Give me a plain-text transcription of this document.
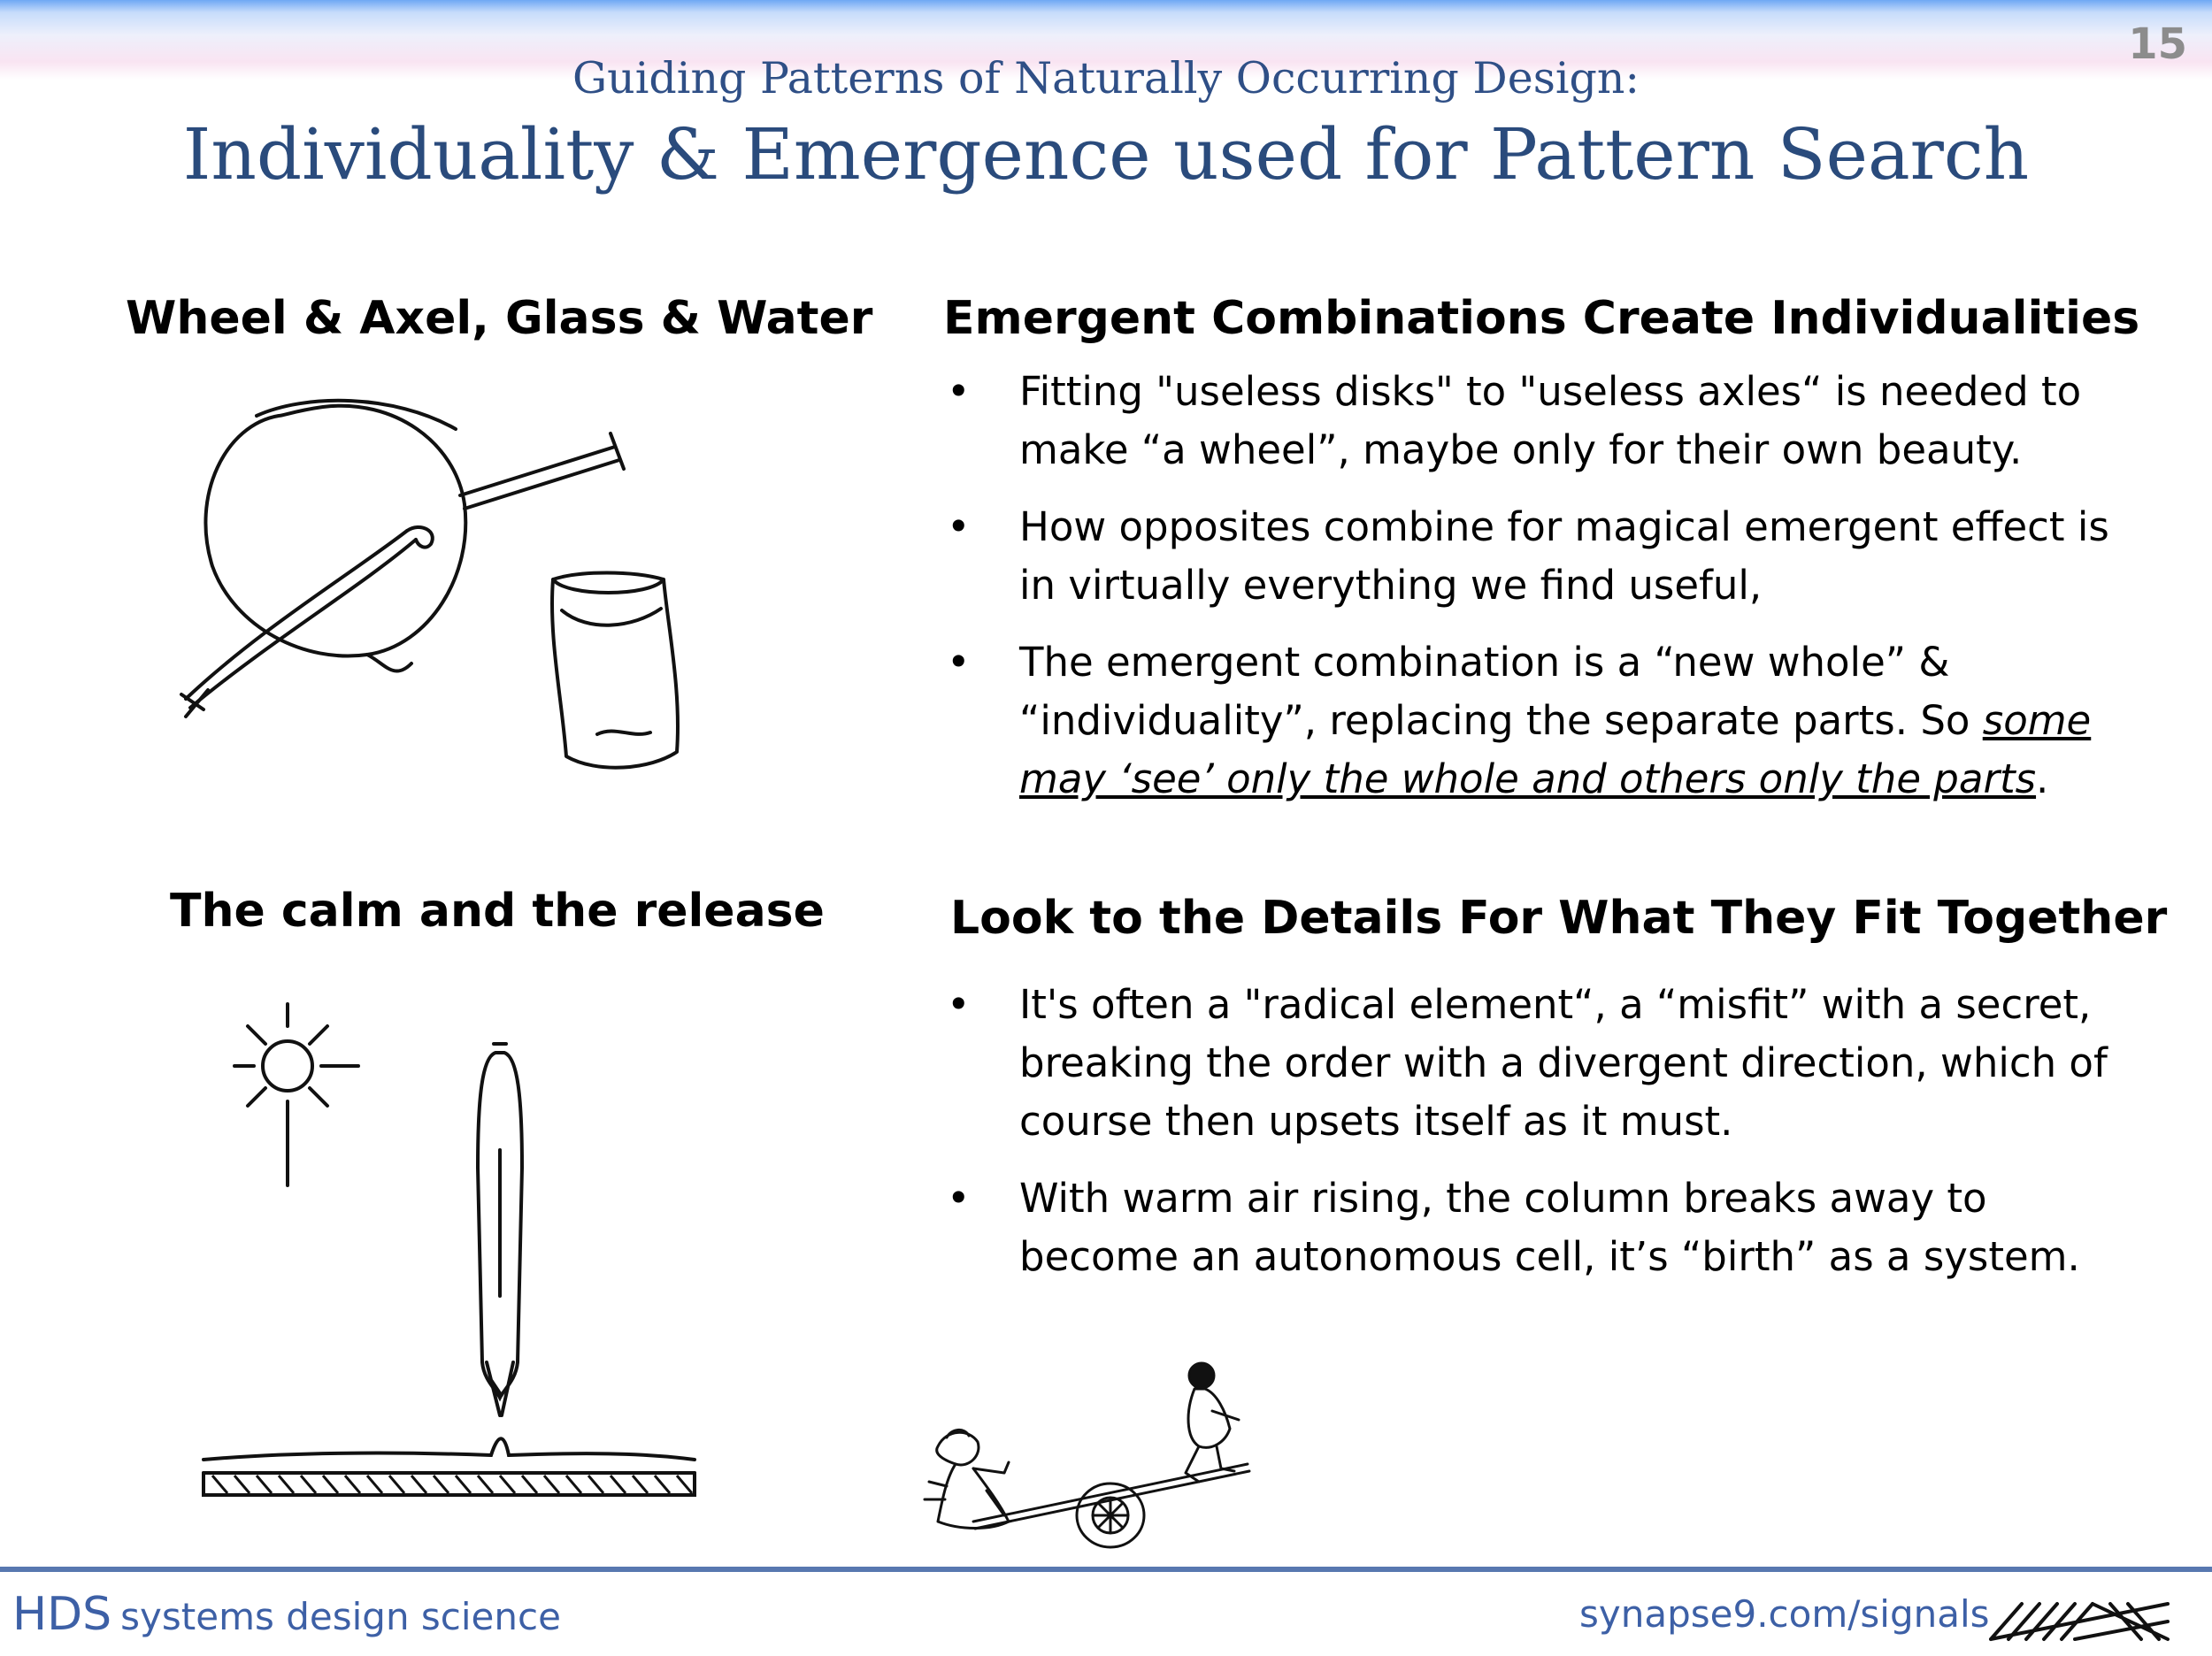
15
Guiding Patterns of Naturally Occurring Design:
Individuality & Emergence used for Pattern Search
Wheel & Axel, Glass & Water
The calm and the release
Emergent Combinations Create Individualities
• Fitting "useless disks" to "useless axles“ is needed to make “a wheel”, maybe only for their own beauty.
• How opposites combine for magical emergent effect is in virtually everything we find useful,
• The emergent combination is a “new whole” & “individuality”, replacing the separate parts. So some may ‘see’ only the whole and others only the parts.
Look to the Details For What They Fit Together
• It's often a "radical element“, a “misfit” with a secret, breaking the order with a divergent direction, which of course then upsets itself as it must.
• With warm air rising, the column breaks away to become an autonomous cell, it’s “birth” as a system.
HDS systems design science	synapse9.com/signals
